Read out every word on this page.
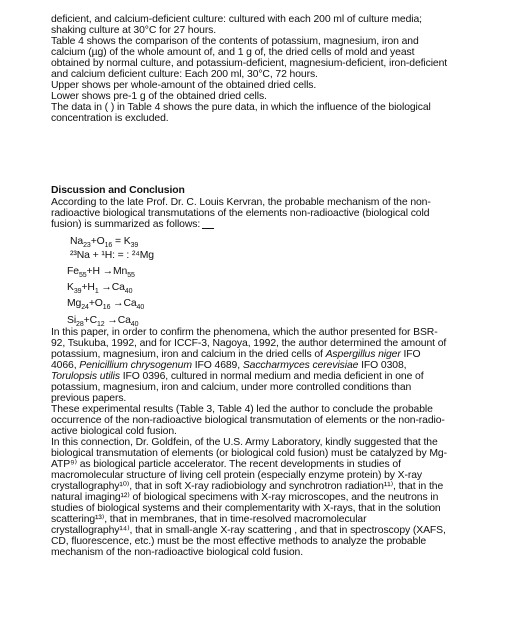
deficient, and calcium-deficient culture: cultured with each 200 ml of culture media;
shaking culture at 30°C for 27 hours.
Table 4 shows the comparison of the contents of potassium, magnesium, iron and
calcium (µg) of the whole amount of, and 1 g of, the dried cells of mold and yeast
obtained by normal culture, and potassium-deficient, magnesium-deficient, iron-deficient
and calcium deficient culture: Each 200 ml, 30°C, 72 hours.
Upper shows per whole-amount of the obtained dried cells.
Lower shows pre-1 g of the obtained dried cells.
The data in ( ) in Table 4 shows the pure data, in which the influence of the biological
concentration is excluded.
Discussion and Conclusion
According to the late Prof. Dr. C. Louis Kervran, the probable mechanism of the non-
radioactive biological transmutations of the elements non-radioactive (biological cold
fusion) is summarized as follows:
$Na_{23}+O_{16} = K_{39}$
²³Na + ¹H: = : ²⁴Mg
$Fe_{55}+H \to Mn_{55}$
$K_{39}+H_1 \to Ca_{40}$
$Mg_{24}+O_{16} \to Ca_{40}$
$Si_{28}+C_{12} \to Ca_{40}$
In this paper, in order to confirm the phenomena, which the author presented for BSR-
92, Tsukuba, 1992, and for ICCF-3, Nagoya, 1992, the author determined the amount of
potassium, magnesium, iron and calcium in the dried cells of Aspergillus niger IFO
4066, Penicillium chrysogenum IFO 4689, Saccharmyces cerevisiae IFO 0308,
Torulopsis utilis IFO 0396, cultured in normal medium and media deficient in one of
potassium, magnesium, iron and calcium, under more controlled conditions than
previous papers.
These experimental results (Table 3, Table 4) led the author to conclude the probable
occurrence of the non-radioactive biological transmutation of elements or the non-radio-
active biological cold fusion.
In this connection, Dr. Goldfein, of the U.S. Army Laboratory, kindly suggested that the
biological transmutation of elements (or biological cold fusion) must be catalyzed by Mg-
ATP⁹⁾ as biological particle accelerator. The recent developments in studies of
macromolecular structure of living cell protein (especially enzyme protein) by X-ray
crystallography¹⁰⁾, that in soft X-ray radiobiology and synchrotron radiation¹¹⁾, that in the
natural imaging¹²⁾ of biological specimens with X-ray microscopes, and the neutrons in
studies of biological systems and their complementarity with X-rays, that in the solution
scattering¹³⁾, that in membranes, that in time-resolved macromolecular
crystallography¹⁴⁾, that in small-angle X-ray scattering , and that in spectroscopy (XAFS,
CD, fluorescence, etc.) must be the most effective methods to analyze the probable
mechanism of the non-radioactive biological cold fusion.
